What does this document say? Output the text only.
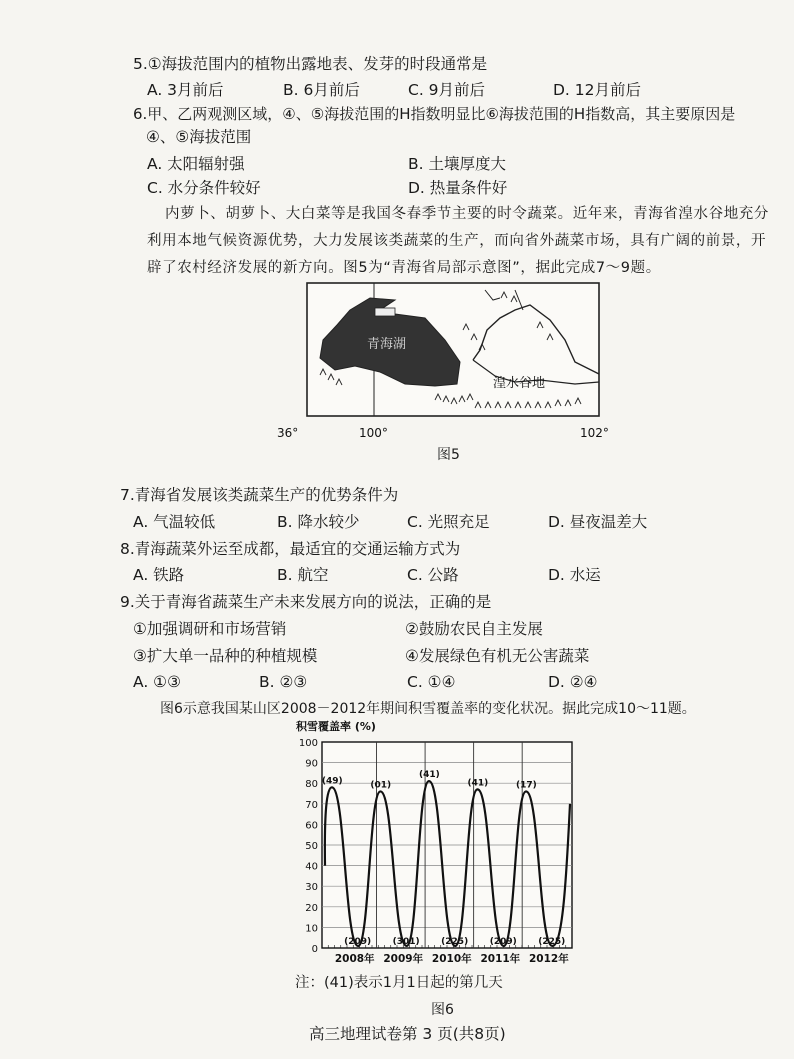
5.①海拔范围内的植物出露地表、发芽的时段通常是
A. 3月前后	B. 6月前后	C. 9月前后	D. 12月前后
6.甲、乙两观测区域，④、⑤海拔范围的H指数明显比⑥海拔范围的H指数高，其主要原因是
④、⑤海拔范围
A. 太阳辐射强	B. 土壤厚度大
C. 水分条件较好	D. 热量条件好
内萝卜、胡萝卜、大白菜等是我国冬春季节主要的时令蔬菜。近年来，青海省湟水谷地充分利用本地气候资源优势，大力发展该类蔬菜的生产，而向省外蔬菜市场，具有广阔的前景，开辟了农村经济发展的新方向。图5为“青海省局部示意图”，据此完成7～9题。
青海湖
湟水谷地
36°	100°	102°
图5
7.青海省发展该类蔬菜生产的优势条件为
A. 气温较低	B. 降水较少	C. 光照充足	D. 昼夜温差大
8.青海蔬菜外运至成都，最适宜的交通运输方式为
A. 铁路	B. 航空	C. 公路	D. 水运
9.关于青海省蔬菜生产未来发展方向的说法，正确的是
①加强调研和市场营销	②鼓励农民自主发展
③扩大单一品种的种植规模	④发展绿色有机无公害蔬菜
A. ①③	B. ②③	C. ①④	D. ②④
图6示意我国某山区2008－2012年期间积雪覆盖率的变化状况。据此完成10～11题。
积雪覆盖率 (%)
0
10
20
30
40
50
60
70
80
90
100
2008年 2009年 2010年 2011年 2012年
(49)
(209)
(01)
(301)
(41)
(225)
(41)
(209)
(17)
(225)
注：(41)表示1月1日起的第几天
图6
高三地理试卷第 3 页(共8页)
